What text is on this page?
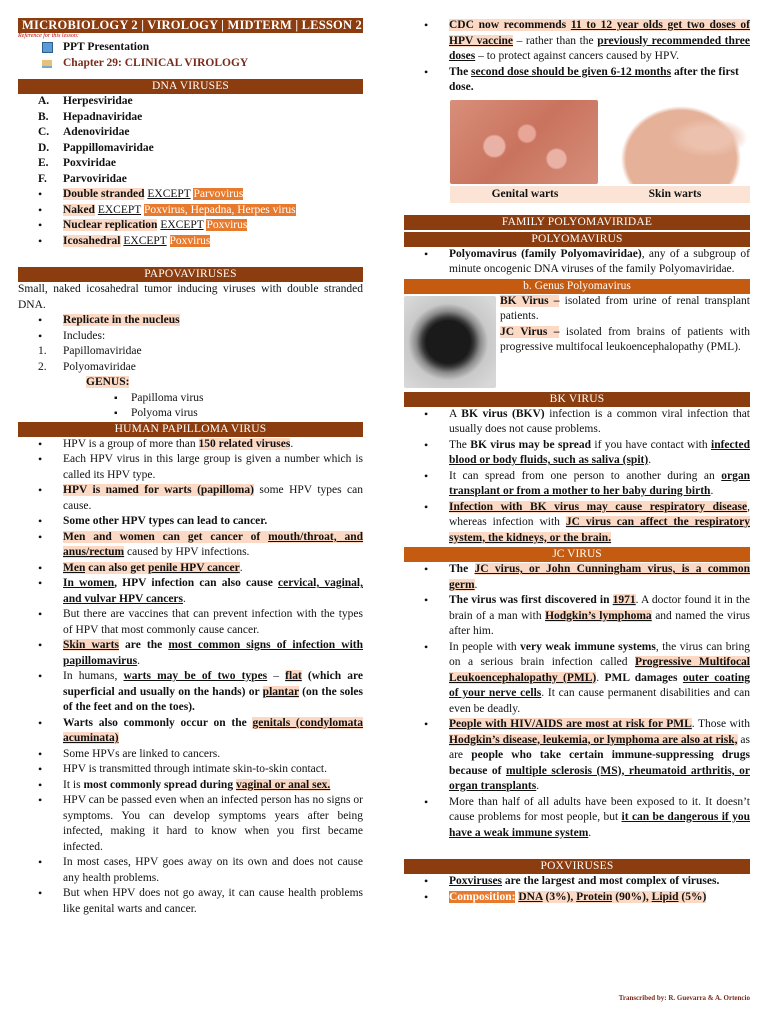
MICROBIOLOGY 2 | VIROLOGY | MIDTERM | LESSON 2
Reference for this lesson:
PPT Presentation
Chapter 29: CLINICAL VIROLOGY
DNA VIRUSES
A. Herpesviridae
B. Hepadnaviridae
C. Adenoviridae
D. Pappillomaviridae
E. Poxviridae
F. Parvoviridae
• Double stranded EXCEPT Parvovirus
• Naked EXCEPT Poxvirus, Hepadna, Herpes virus
• Nuclear replication EXCEPT Poxvirus
• Icosahedral EXCEPT Poxvirus
PAPOVAVIRUSES
Small, naked icosahedral tumor inducing viruses with double stranded DNA.
• Replicate in the nucleus
• Includes:
1. Papillomaviridae
2. Polyomaviridae
GENUS:
▪ Papilloma virus
▪ Polyoma virus
HUMAN PAPILLOMA VIRUS
• HPV is a group of more than 150 related viruses.
• Each HPV virus in this large group is given a number which is called its HPV type.
• HPV is named for warts (papilloma) some HPV types can cause.
• Some other HPV types can lead to cancer.
• Men and women can get cancer of mouth/throat, and anus/rectum caused by HPV infections.
• Men can also get penile HPV cancer.
• In women, HPV infection can also cause cervical, vaginal, and vulvar HPV cancers.
• But there are vaccines that can prevent infection with the types of HPV that most commonly cause cancer.
• Skin warts are the most common signs of infection with papillomavirus.
• In humans, warts may be of two types – flat (which are superficial and usually on the hands) or plantar (on the soles of the feet and on the toes).
• Warts also commonly occur on the genitals (condylomata acuminata)
• Some HPVs are linked to cancers.
• HPV is transmitted through intimate skin-to-skin contact.
• It is most commonly spread during vaginal or anal sex.
• HPV can be passed even when an infected person has no signs or symptoms. You can develop symptoms years after being infected, making it hard to know when you first became infected.
• In most cases, HPV goes away on its own and does not cause any health problems.
• But when HPV does not go away, it can cause health problems like genital warts and cancer.
• CDC now recommends 11 to 12 year olds get two doses of HPV vaccine – rather than the previously recommended three doses – to protect against cancers caused by HPV.
• The second dose should be given 6-12 months after the first dose.
Genital warts	Skin warts
FAMILY POLYOMAVIRIDAE
POLYOMAVIRUS
• Polyomavirus (family Polyomaviridae), any of a subgroup of minute oncogenic DNA viruses of the family Polyomaviridae.
b. Genus Polyomavirus
BK Virus – isolated from urine of renal transplant patients.
JC Virus – isolated from brains of patients with progressive multifocal leukoencephalopathy (PML).
BK VIRUS
• A BK virus (BKV) infection is a common viral infection that usually does not cause problems.
• The BK virus may be spread if you have contact with infected blood or body fluids, such as saliva (spit).
• It can spread from one person to another during an organ transplant or from a mother to her baby during birth.
• Infection with BK virus may cause respiratory disease, whereas infection with JC virus can affect the respiratory system, the kidneys, or the brain.
JC VIRUS
• The JC virus, or John Cunningham virus, is a common germ.
• The virus was first discovered in 1971. A doctor found it in the brain of a man with Hodgkin’s lymphoma and named the virus after him.
• In people with very weak immune systems, the virus can bring on a serious brain infection called Progressive Multifocal Leukoencephalopathy (PML). PML damages outer coating of your nerve cells. It can cause permanent disabilities and can even be deadly.
• People with HIV/AIDS are most at risk for PML. Those with Hodgkin’s disease, leukemia, or lymphoma are also at risk, as are people who take certain immune-suppressing drugs because of multiple sclerosis (MS), rheumatoid arthritis, or organ transplants.
• More than half of all adults have been exposed to it. It doesn’t cause problems for most people, but it can be dangerous if you have a weak immune system.
POXVIRUSES
• Poxviruses are the largest and most complex of viruses.
• Composition: DNA (3%), Protein (90%), Lipid (5%)
Transcribed by: R. Guevarra & A. Ortencio
